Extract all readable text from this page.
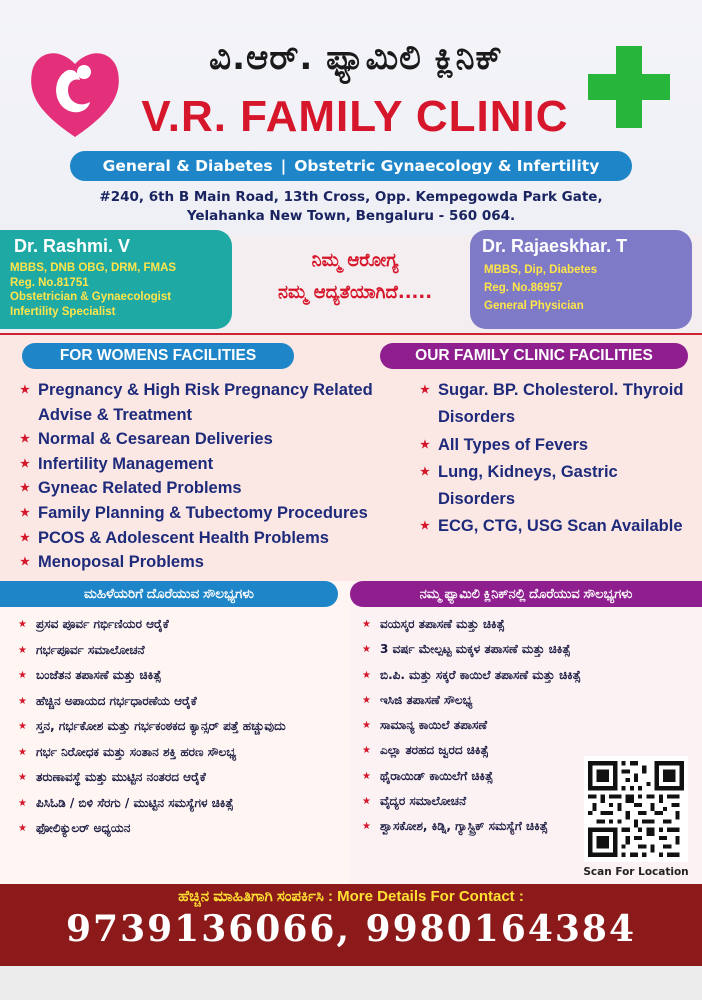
ವಿ.ಆರ್. ಫ್ಯಾಮಿಲಿ ಕ್ಲಿನಿಕ್
V.R. FAMILY CLINIC
General & Diabetes | Obstetric Gynaecology & Infertility
#240, 6th B Main Road, 13th Cross, Opp. Kempegowda Park Gate,
Yelahanka New Town, Bengaluru - 560 064.
Dr. Rashmi. V
MBBS, DNB OBG, DRM, FMAS
Reg. No.81751
Obstetrician & Gynaecologist
Infertility Specialist
ನಿಮ್ಮ ಆರೋಗ್ಯ
ನಮ್ಮ ಆದ್ಯತೆಯಾಗಿದೆ.....
Dr. Rajaeskhar. T
MBBS, Dip, Diabetes
Reg. No.86957
General Physician
FOR WOMENS FACILITIES	OUR FAMILY CLINIC FACILITIES
★ Pregnancy & High Risk Pregnancy Related Advise & Treatment
★ Normal & Cesarean Deliveries
★ Infertility Management
★ Gyneac Related Problems
★ Family Planning & Tubectomy Procedures
★ PCOS & Adolescent Health Problems
★ Menoposal Problems
★ Sugar. BP. Cholesterol. Thyroid Disorders
★ All Types of Fevers
★ Lung, Kidneys, Gastric Disorders
★ ECG, CTG, USG Scan Available
ಮಹಿಳೆಯರಿಗೆ ದೊರೆಯುವ ಸೌಲಭ್ಯಗಳು	ನಮ್ಮ ಫ್ಯಾಮಿಲಿ ಕ್ಲಿನಿಕ್‌ನಲ್ಲಿ ದೊರೆಯುವ ಸೌಲಭ್ಯಗಳು
★ ಪ್ರಸವ ಪೂರ್ವ ಗರ್ಭಿಣಿಯರ ಆರೈಕೆ
★ ಗರ್ಭಪೂರ್ವ ಸಮಾಲೋಚನೆ
★ ಬಂಜೆತನ ತಪಾಸಣೆ ಮತ್ತು ಚಿಕಿತ್ಸೆ
★ ಹೆಚ್ಚಿನ ಅಪಾಯದ ಗರ್ಭಧಾರಣೆಯ ಆರೈಕೆ
★ ಸ್ತನ, ಗರ್ಭಕೋಶ ಮತ್ತು ಗರ್ಭಕಂಠಕದ ಕ್ಯಾನ್ಸರ್ ಪತ್ತೆ ಹಚ್ಚುವುದು
★ ಗರ್ಭ ನಿರೋಧಕ ಮತ್ತು ಸಂತಾನ ಶಕ್ತಿ ಹರಣ ಸೌಲಭ್ಯ
★ ತರುಣಾವಸ್ಥೆ ಮತ್ತು ಮುಟ್ಟಿನ ನಂತರದ ಆರೈಕೆ
★ ಪಿಸಿಓಡಿ / ಬಿಳಿ ಸೆರಗು / ಮುಟ್ಟಿನ ಸಮಸ್ಯೆಗಳ ಚಿಕಿತ್ಸೆ
★ ಫೋಲಿಕ್ಯುಲರ್ ಅಧ್ಯಯನ
★ ವಯಸ್ಕರ ತಪಾಸಣೆ ಮತ್ತು ಚಿಕಿತ್ಸೆ
★ 3 ವರ್ಷ ಮೇಲ್ಪಟ್ಟ ಮಕ್ಕಳ ತಪಾಸಣೆ ಮತ್ತು ಚಿಕಿತ್ಸೆ
★ ಬಿ.ಪಿ. ಮತ್ತು ಸಕ್ಕರೆ ಕಾಯಿಲೆ ತಪಾಸಣೆ ಮತ್ತು ಚಿಕಿತ್ಸೆ
★ ಇಸಿಜಿ ತಪಾಸಣೆ ಸೌಲಭ್ಯ
★ ಸಾಮಾನ್ಯ ಕಾಯಿಲೆ ತಪಾಸಣೆ
★ ಎಲ್ಲಾ ತರಹದ ಜ್ವರದ ಚಿಕಿತ್ಸೆ
★ ಥೈರಾಯಿಡ್ ಕಾಯಿಲೆಗೆ ಚಿಕಿತ್ಸೆ
★ ವೈದ್ಯರ ಸಮಾಲೋಚನೆ
★ ಶ್ವಾಸಕೋಶ, ಕಿಡ್ನಿ, ಗ್ಯಾಸ್ಟ್ರಿಕ್ ಸಮಸ್ಯೆಗೆ ಚಿಕಿತ್ಸೆ
Scan For Location
ಹೆಚ್ಚಿನ ಮಾಹಿತಿಗಾಗಿ ಸಂಪರ್ಕಿಸಿ : More Details For Contact :
9739136066, 9980164384
